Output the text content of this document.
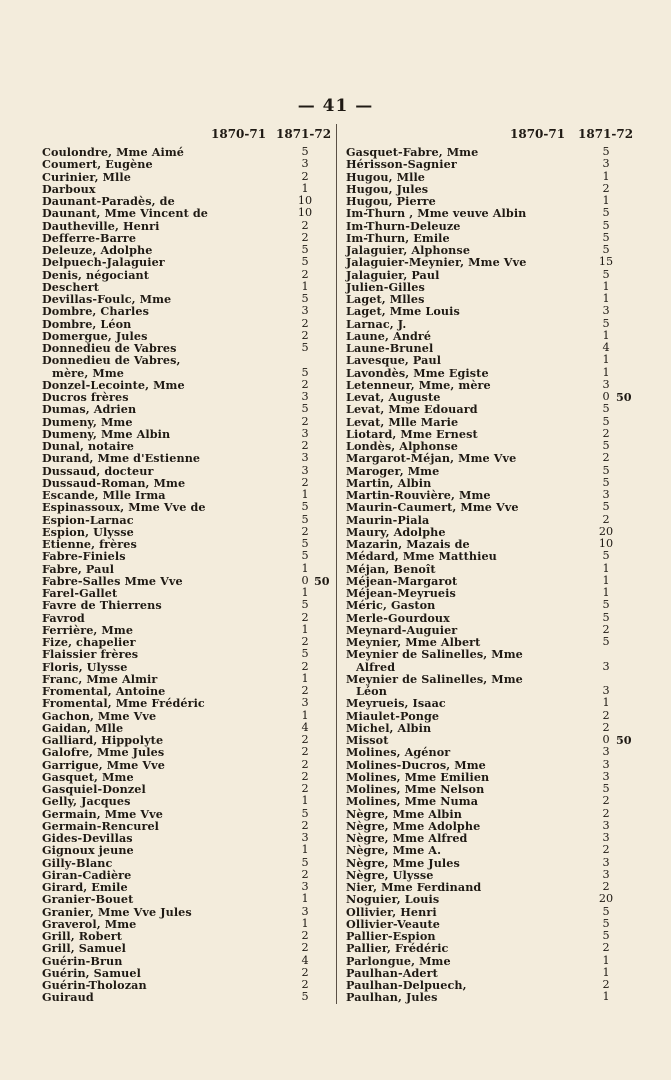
— 41 —
1870-71 1871-72
Coulondre, Mme Aimé	5
Coumert, Eugène	3
Curinier, Mlle	2
Darboux	1
Daunant-Paradès, de	10
Daunant, Mme Vincent de	10
Dautheville, Henri	2
Defferre-Barre	2
Deleuze, Adolphe	5
Delpuech-Jalaguier	5
Denis, négociant	2
Deschert	1
Devillas-Foulc, Mme	5
Dombre, Charles	3
Dombre, Léon	2
Domergue, Jules	2
Donnedieu de Vabres	5
Donnedieu de Vabres,
mère, Mme	5
Donzel-Lecointe, Mme	2
Ducros frères	3
Dumas, Adrien	5
Dumeny, Mme	2
Dumeny, Mme Albin	3
Dunal, notaire	2
Durand, Mme d'Estienne	3
Dussaud, docteur	3
Dussaud-Roman, Mme	2
Escande, Mlle Irma	1
Espinassoux, Mme Vve de	5
Espion-Larnac	5
Espion, Ulysse	2
Etienne, frères	5
Fabre-Finiels	5
Fabre, Paul	1
Fabre-Salles Mme Vve	0 50
Farel-Gallet	1
Favre de Thierrens	5
Favrod	2
Ferrière, Mme	1
Fize, chapelier	2
Flaissier frères	5
Floris, Ulysse	2
Franc, Mme Almir	1
Fromental, Antoine	2
Fromental, Mme Frédéric	3
Gachon, Mme Vve	1
Gaidan, Mlle	4
Galliard, Hippolyte	2
Galofre, Mme Jules	2
Garrigue, Mme Vve	2
Gasquet, Mme	2
Gasquiel-Donzel	2
Gelly, Jacques	1
Germain, Mme Vve	5
Germain-Rencurel	2
Gides-Devillas	3
Gignoux jeune	1
Gilly-Blanc	5
Giran-Cadière	2
Girard, Emile	3
Granier-Bouet	1
Granier, Mme Vve Jules	3
Graverol, Mme	1
Grill, Robert	2
Grill, Samuel	2
Guérin-Brun	4
Guérin, Samuel	2
Guérin-Tholozan	2
Guiraud	5
1870-71 1871-72
Gasquet-Fabre, Mme	5
Hérisson-Sagnier	3
Hugou, Mlle	1
Hugou, Jules	2
Hugou, Pierre	1
Im-Thurn , Mme veuve Albin	5
Im-Thurn-Deleuze	5
Im-Thurn, Emile	5
Jalaguier, Alphonse	5
Jalaguier-Meynier, Mme Vve	15
Jalaguier, Paul	5
Julien-Gilles	1
Laget, Mlles	1
Laget, Mme Louis	3
Larnac, J.	5
Laune, André	1
Laune-Brunel	4
Lavesque, Paul	1
Lavondès, Mme Egiste	1
Letenneur, Mme, mère	3
Levat, Auguste	0 50
Levat, Mme Edouard	5
Levat, Mlle Marie	5
Liotard, Mme Ernest	2
Londès, Alphonse	5
Margarot-Méjan, Mme Vve	2
Maroger, Mme	5
Martin, Albin	5
Martin-Rouvière, Mme	3
Maurin-Caumert, Mme Vve	5
Maurin-Piala	2
Maury, Adolphe	20
Mazarin, Mazais de	10
Médard, Mme Matthieu	5
Méjan, Benoît	1
Méjean-Margarot	1
Méjean-Meyrueis	1
Méric, Gaston	5
Merle-Gourdoux	5
Meynard-Auguier	2
Meynier, Mme Albert	5
Meynier de Salinelles, Mme
Alfred	3
Meynier de Salinelles, Mme
Léon	3
Meyrueis, Isaac	1
Miaulet-Ponge	2
Michel, Albin	2
Missot	0 50
Molines, Agénor	3
Molines-Ducros, Mme	3
Molines, Mme Emilien	3
Molines, Mme Nelson	5
Molines, Mme Numa	2
Nègre, Mme Albin	2
Nègre, Mme Adolphe	3
Nègre, Mme Alfred	3
Nègre, Mme A.	2
Nègre, Mme Jules	3
Nègre, Ulysse	3
Nier, Mme Ferdinand	2
Noguier, Louis	20
Ollivier, Henri	5
Ollivier-Veaute	5
Pallier-Espion	5
Pallier, Frédéric	2
Parlongue, Mme	1
Paulhan-Adert	1
Paulhan-Delpuech,	2
Paulhan, Jules	1
